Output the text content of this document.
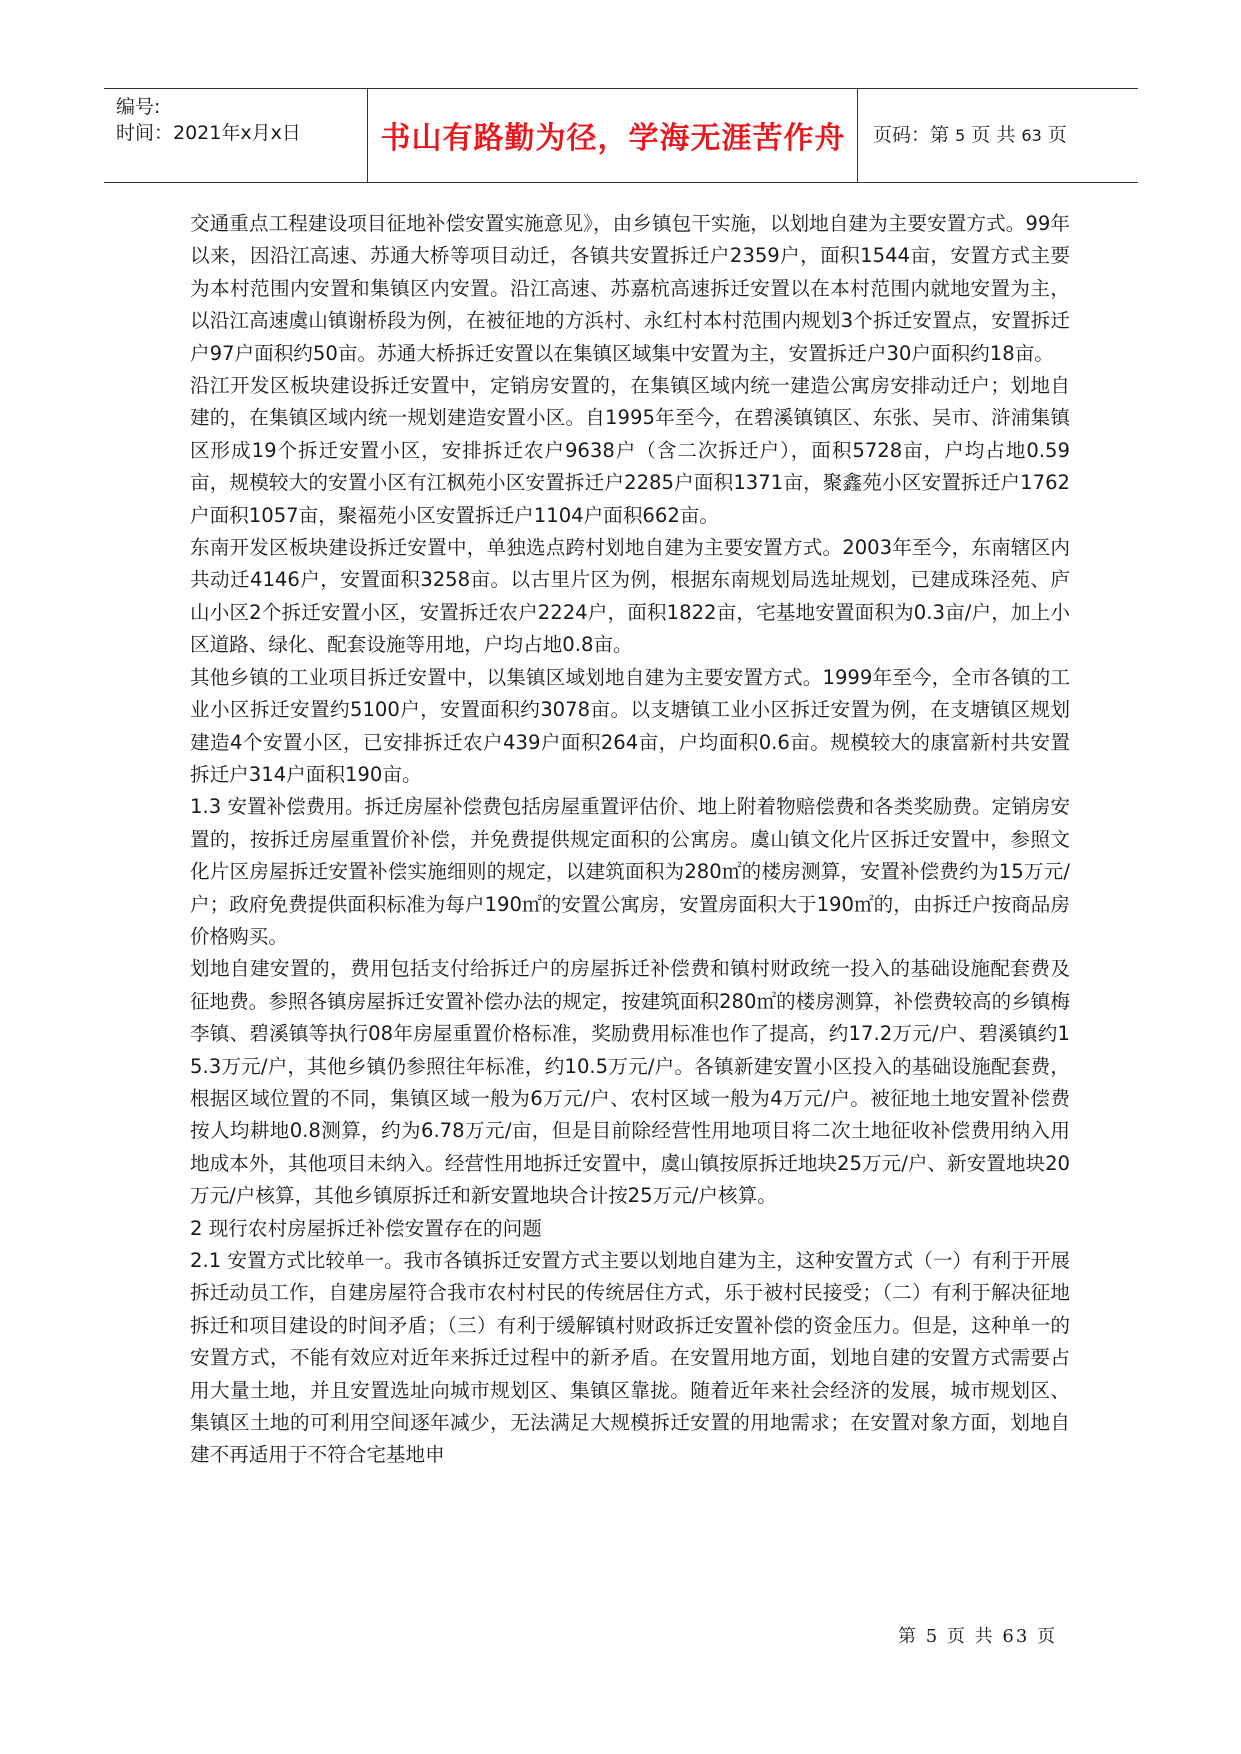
编号:
时间：2021年x月x日	书山有路勤为径，学海无涯苦作舟	页码：第 5 页 共 63 页

交通重点工程建设项目征地补偿安置实施意见》，由乡镇包干实施，以划地自建为主要安置方式。99年以来，因沿江高速、苏通大桥等项目动迁，各镇共安置拆迁户2359户，面积1544亩，安置方式主要为本村范围内安置和集镇区内安置。沿江高速、苏嘉杭高速拆迁安置以在本村范围内就地安置为主，以沿江高速虞山镇谢桥段为例，在被征地的方浜村、永红村本村范围内规划3个拆迁安置点，安置拆迁户97户面积约50亩。苏通大桥拆迁安置以在集镇区域集中安置为主，安置拆迁户30户面积约18亩。

沿江开发区板块建设拆迁安置中，定销房安置的，在集镇区域内统一建造公寓房安排动迁户；划地自建的，在集镇区域内统一规划建造安置小区。自1995年至今，在碧溪镇镇区、东张、吴市、浒浦集镇区形成19个拆迁安置小区，安排拆迁农户9638户（含二次拆迁户），面积5728亩，户均占地0.59亩，规模较大的安置小区有江枫苑小区安置拆迁户2285户面积1371亩，聚鑫苑小区安置拆迁户1762户面积1057亩，聚福苑小区安置拆迁户1104户面积662亩。

东南开发区板块建设拆迁安置中，单独选点跨村划地自建为主要安置方式。2003年至今，东南辖区内共动迁4146户，安置面积3258亩。以古里片区为例，根据东南规划局选址规划，已建成珠泾苑、庐山小区2个拆迁安置小区，安置拆迁农户2224户，面积1822亩，宅基地安置面积为0.3亩/户，加上小区道路、绿化、配套设施等用地，户均占地0.8亩。

其他乡镇的工业项目拆迁安置中，以集镇区域划地自建为主要安置方式。1999年至今，全市各镇的工业小区拆迁安置约5100户，安置面积约3078亩。以支塘镇工业小区拆迁安置为例，在支塘镇区规划建造4个安置小区，已安排拆迁农户439户面积264亩，户均面积0.6亩。规模较大的康富新村共安置拆迁户314户面积190亩。

1.3 安置补偿费用。拆迁房屋补偿费包括房屋重置评估价、地上附着物赔偿费和各类奖励费。定销房安置的，按拆迁房屋重置价补偿，并免费提供规定面积的公寓房。虞山镇文化片区拆迁安置中，参照文化片区房屋拆迁安置补偿实施细则的规定，以建筑面积为280㎡的楼房测算，安置补偿费约为15万元/户；政府免费提供面积标准为每户190㎡的安置公寓房，安置房面积大于190㎡的，由拆迁户按商品房价格购买。

划地自建安置的，费用包括支付给拆迁户的房屋拆迁补偿费和镇村财政统一投入的基础设施配套费及征地费。参照各镇房屋拆迁安置补偿办法的规定，按建筑面积280㎡的楼房测算，补偿费较高的乡镇梅李镇、碧溪镇等执行08年房屋重置价格标准，奖励费用标准也作了提高，约17.2万元/户、碧溪镇约15.3万元/户，其他乡镇仍参照往年标准，约10.5万元/户。各镇新建安置小区投入的基础设施配套费，根据区域位置的不同，集镇区域一般为6万元/户、农村区域一般为4万元/户。被征地土地安置补偿费按人均耕地0.8测算，约为6.78万元/亩，但是目前除经营性用地项目将二次土地征收补偿费用纳入用地成本外，其他项目未纳入。经营性用地拆迁安置中，虞山镇按原拆迁地块25万元/户、新安置地块20万元/户核算，其他乡镇原拆迁和新安置地块合计按25万元/户核算。

2 现行农村房屋拆迁补偿安置存在的问题

2.1 安置方式比较单一。我市各镇拆迁安置方式主要以划地自建为主，这种安置方式（一）有利于开展拆迁动员工作，自建房屋符合我市农村村民的传统居住方式，乐于被村民接受；（二）有利于解决征地拆迁和项目建设的时间矛盾；（三）有利于缓解镇村财政拆迁安置补偿的资金压力。但是，这种单一的安置方式，不能有效应对近年来拆迁过程中的新矛盾。在安置用地方面，划地自建的安置方式需要占用大量土地，并且安置选址向城市规划区、集镇区靠拢。随着近年来社会经济的发展，城市规划区、集镇区土地的可利用空间逐年减少，无法满足大规模拆迁安置的用地需求；在安置对象方面，划地自建不再适用于不符合宅基地申

第 5 页 共 63 页
